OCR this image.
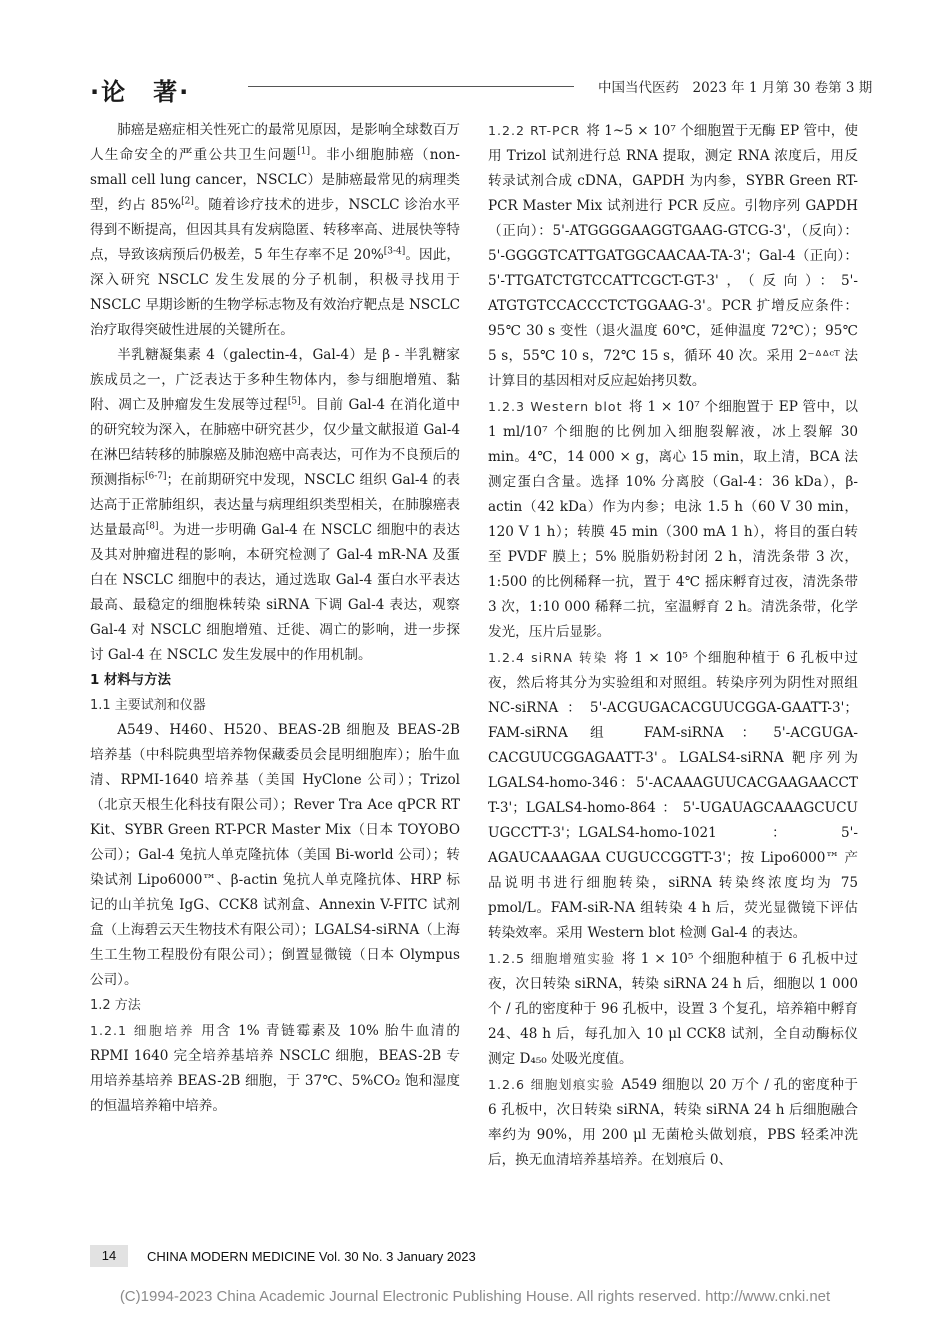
·论　著·	中国当代医药　2023 年 1 月第 30 卷第 3 期

肺癌是癌症相关性死亡的最常见原因，是影响全球数百万人生命安全的严重公共卫生问题[1]。非小细胞肺癌（non-small cell lung cancer，NSCLC）是肺癌最常见的病理类型，约占 85%[2]。随着诊疗技术的进步，NSCLC 诊治水平得到不断提高，但因其具有发病隐匿、转移率高、进展快等特点，导致该病预后仍极差，5 年生存率不足 20%[3-4]。因此，深入研究 NSCLC 发生发展的分子机制，积极寻找用于 NSCLC 早期诊断的生物学标志物及有效治疗靶点是 NSCLC 治疗取得突破性进展的关键所在。

半乳糖凝集素 4（galectin-4，Gal-4）是 β - 半乳糖家族成员之一，广泛表达于多种生物体内，参与细胞增殖、黏附、凋亡及肿瘤发生发展等过程[5]。目前 Gal-4 在消化道中的研究较为深入，在肺癌中研究甚少，仅少量文献报道 Gal-4 在淋巴结转移的肺腺癌及肺泡癌中高表达，可作为不良预后的预测指标[6-7]；在前期研究中发现，NSCLC 组织 Gal-4 的表达高于正常肺组织，表达量与病理组织类型相关，在肺腺癌表达量最高[8]。为进一步明确 Gal-4 在 NSCLC 细胞中的表达及其对肿瘤进程的影响，本研究检测了 Gal-4 mR-NA 及蛋白在 NSCLC 细胞中的表达，通过选取 Gal-4 蛋白水平表达最高、最稳定的细胞株转染 siRNA 下调 Gal-4 表达，观察 Gal-4 对 NSCLC 细胞增殖、迁徙、凋亡的影响，进一步探讨 Gal-4 在 NSCLC 发生发展中的作用机制。

1 材料与方法

1.1 主要试剂和仪器

A549、H460、H520、BEAS-2B 细胞及 BEAS-2B 培养基（中科院典型培养物保藏委员会昆明细胞库）；胎牛血清、RPMI-1640 培养基（美国 HyClone 公司）；Trizol（北京天根生化科技有限公司）；Rever Tra Ace qPCR RT Kit、SYBR Green RT-PCR Master Mix（日本 TOYOBO 公司）；Gal-4 兔抗人单克隆抗体（美国 Bi-world 公司）；转染试剂 Lipo6000™、β-actin 兔抗人单克隆抗体、HRP 标记的山羊抗兔 IgG、CCK8 试剂盒、Annexin V-FITC 试剂盒（上海碧云天生物技术有限公司）；LGALS4-siRNA（上海生工生物工程股份有限公司）；倒置显微镜（日本 Olympus 公司）。

1.2 方法

1.2.1 细胞培养 用含 1% 青链霉素及 10% 胎牛血清的 RPMI 1640 完全培养基培养 NSCLC 细胞，BEAS-2B 专用培养基培养 BEAS-2B 细胞，于 37℃、5%CO₂ 饱和湿度的恒温培养箱中培养。

1.2.2 RT-PCR 将 1~5 × 10⁷ 个细胞置于无酶 EP 管中，使用 Trizol 试剂进行总 RNA 提取，测定 RNA 浓度后，用反转录试剂合成 cDNA，GAPDH 为内参，SYBR Green RT-PCR Master Mix 试剂进行 PCR 反应。引物序列 GAPDH（正向）：5'-ATGGGGAAGGTGAAG-GTCG-3'，（反向）：5'-GGGGTCATTGATGGCAACAA-TA-3'；Gal-4（正向）：5'-TTGATCTGTCCATTCGCT-GT-3'，（反向）：5'-ATGTGTCCACCCTCTGGAAG-3'。PCR 扩增反应条件：95℃ 30 s 变性（退火温度 60℃，延伸温度 72℃）；95℃ 5 s，55℃ 10 s，72℃ 15 s，循环 40 次。采用 2⁻ᐞᐞᶜᵀ 法计算目的基因相对反应起始拷贝数。

1.2.3 Western blot 将 1 × 10⁷ 个细胞置于 EP 管中，以 1 ml/10⁷ 个细胞的比例加入细胞裂解液，冰上裂解 30 min。4℃，14 000 × g，离心 15 min，取上清，BCA 法测定蛋白含量。选择 10% 分离胶（Gal-4：36 kDa），β-actin（42 kDa）作为内参；电泳 1.5 h（60 V 30 min，120 V 1 h）；转膜 45 min（300 mA 1 h），将目的蛋白转至 PVDF 膜上；5% 脱脂奶粉封闭 2 h，清洗条带 3 次，1:500 的比例稀释一抗，置于 4℃ 摇床孵育过夜，清洗条带 3 次，1:10 000 稀释二抗，室温孵育 2 h。清洗条带，化学发光，压片后显影。

1.2.4 siRNA 转染 将 1 × 10⁵ 个细胞种植于 6 孔板中过夜，然后将其分为实验组和对照组。转染序列为阴性对照组 NC-siRNA：5'-ACGUGACACGUUCGGA-GAATT-3'；FAM-siRNA 组 FAM-siRNA：5'-ACGUGA-CACGUUCGGAGAATT-3'。LGALS4-siRNA 靶序列为 LGALS4-homo-346：5'-ACAAAGUUCACGAAGAACCT T-3'；LGALS4-homo-864：5'-UGAUAGCAAAGCUCU UGCCTT-3'；LGALS4-homo-1021：5'-AGAUCAAAGAA CUGUCCGGTT-3'；按 Lipo6000™ 产品说明书进行细胞转染，siRNA 转染终浓度均为 75 pmol/L。FAM-siR-NA 组转染 4 h 后，荧光显微镜下评估转染效率。采用 Western blot 检测 Gal-4 的表达。

1.2.5 细胞增殖实验 将 1 × 10⁵ 个细胞种植于 6 孔板中过夜，次日转染 siRNA，转染 siRNA 24 h 后，细胞以 1 000 个 / 孔的密度种于 96 孔板中，设置 3 个复孔，培养箱中孵育 24、48 h 后，每孔加入 10 μl CCK8 试剂，全自动酶标仪测定 D₄₅₀ 处吸光度值。

1.2.6 细胞划痕实验 A549 细胞以 20 万个 / 孔的密度种于 6 孔板中，次日转染 siRNA，转染 siRNA 24 h 后细胞融合率约为 90%，用 200 μl 无菌枪头做划痕，PBS 轻柔冲洗后，换无血清培养基培养。在划痕后 0、

14	CHINA MODERN MEDICINE Vol. 30 No. 3 January 2023
(C)1994-2023 China Academic Journal Electronic Publishing House. All rights reserved. http://www.cnki.net
